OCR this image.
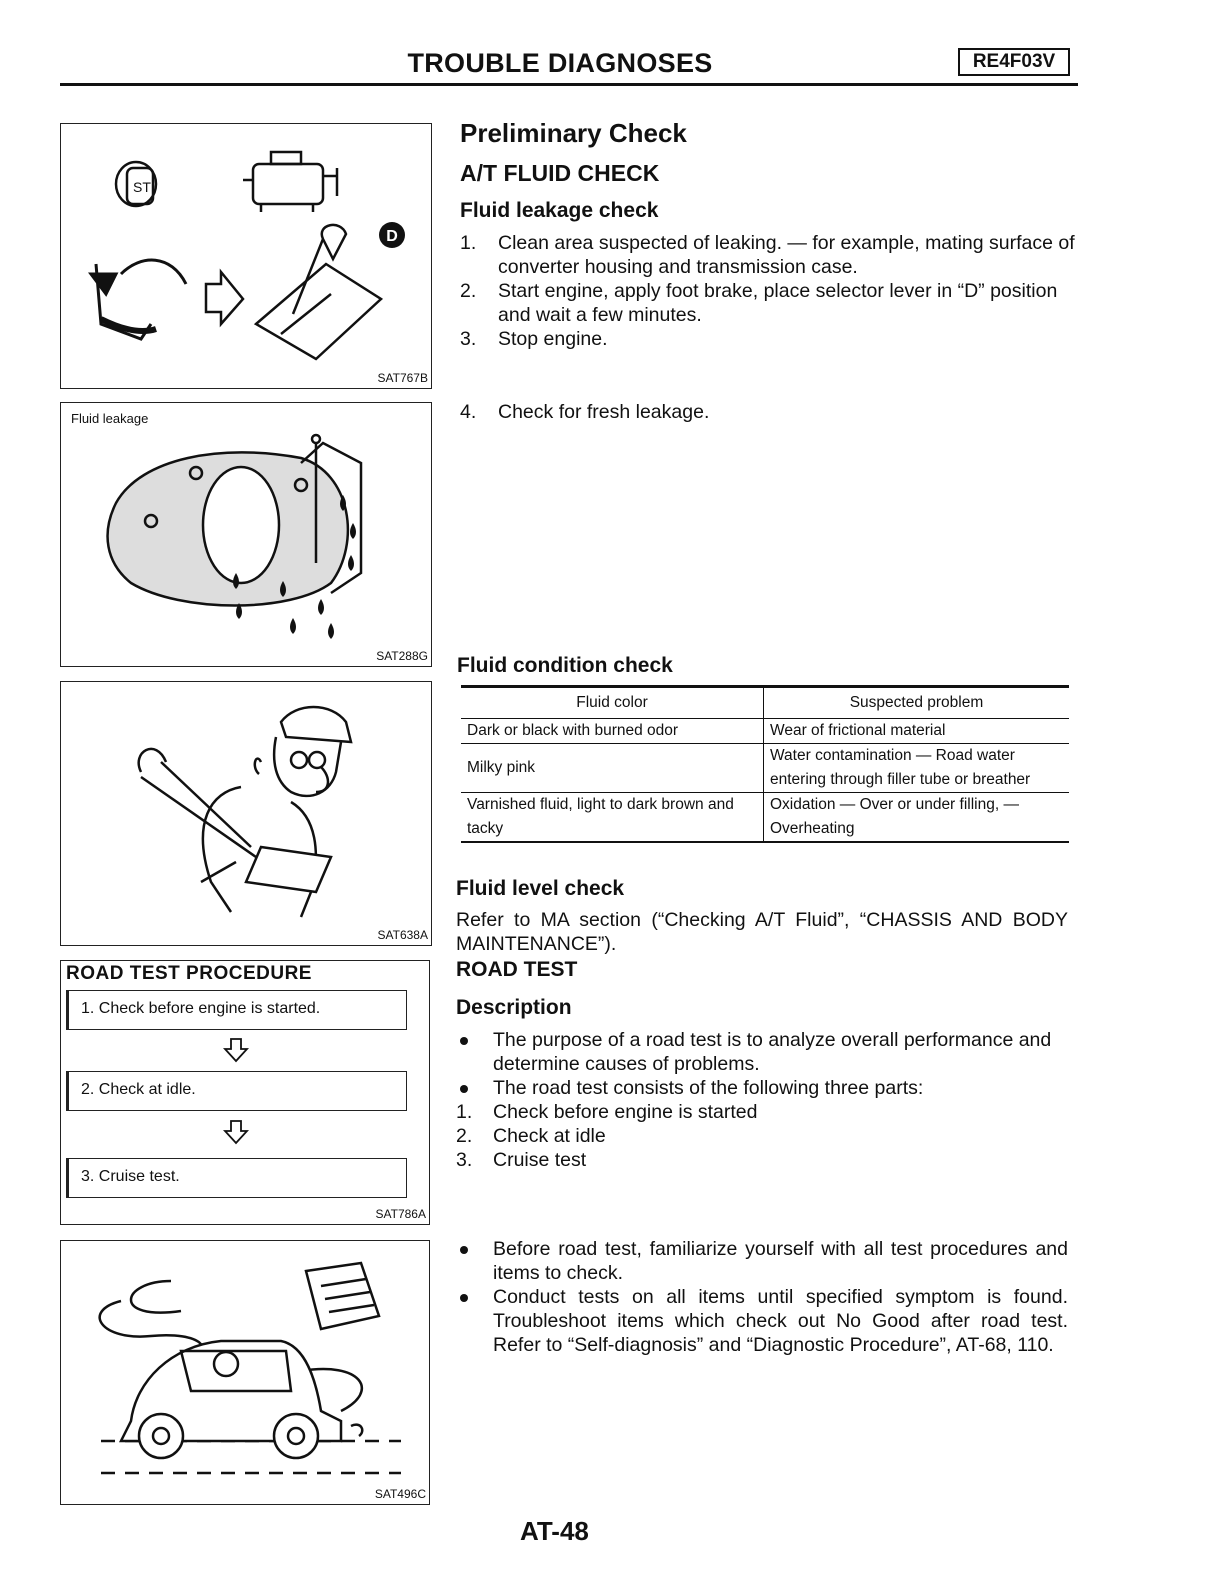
TROUBLE DIAGNOSES	RE4F03V
ST
D
SAT767B
Fluid leakage
SAT288G
SAT638A
ROAD TEST PROCEDURE
1. Check before engine is started.
2. Check at idle.
3. Cruise test.
SAT786A
SAT496C
Preliminary Check
A/T FLUID CHECK
Fluid leakage check
1. Clean area suspected of leaking. — for example, mating surface of converter housing and transmission case.
2. Start engine, apply foot brake, place selector lever in “D” position and wait a few minutes.
3. Stop engine.
4. Check for fresh leakage.
Fluid condition check
Fluid color	Suspected problem
Dark or black with burned odor	Wear of frictional material
Milky pink	Water contamination — Road water entering through filler tube or breather
Varnished fluid, light to dark brown and tacky	Oxidation — Over or under filling, — Overheating
Fluid level check
Refer to MA section (“Checking A/T Fluid”, “CHASSIS AND BODY MAINTENANCE”).
ROAD TEST
Description
The purpose of a road test is to analyze overall performance and determine causes of problems.
The road test consists of the following three parts:
1. Check before engine is started
2. Check at idle
3. Cruise test
Before road test, familiarize yourself with all test procedures and items to check.
Conduct tests on all items until specified symptom is found. Troubleshoot items which check out No Good after road test. Refer to “Self-diagnosis” and “Diagnostic Procedure”, AT-68, 110.
AT-48
